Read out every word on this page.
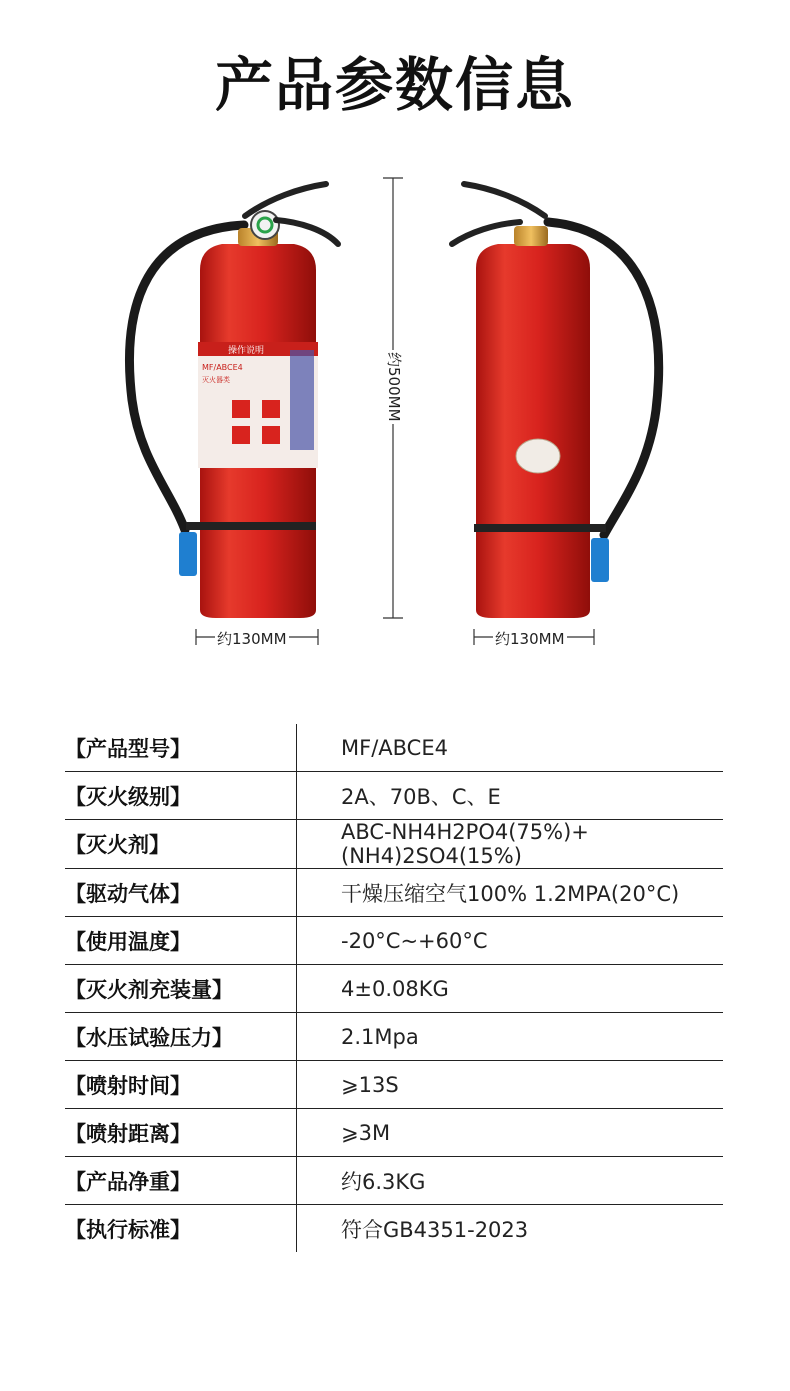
产品参数信息
操作说明
MF/ABCE4
灭火器类	约500MM
约130MM	约130MM
【产品型号】	MF/ABCE4
【灭火级别】	2A、70B、C、E
【灭火剂】	ABC-NH4H2PO4(75%)+(NH4)2SO4(15%)
【驱动气体】	干燥压缩空气100% 1.2MPA(20°C)
【使用温度】	-20°C~+60°C
【灭火剂充装量】	4±0.08KG
【水压试验压力】	2.1Mpa
【喷射时间】	⩾13S
【喷射距离】	⩾3M
【产品净重】	约6.3KG
【执行标准】	符合GB4351-2023
